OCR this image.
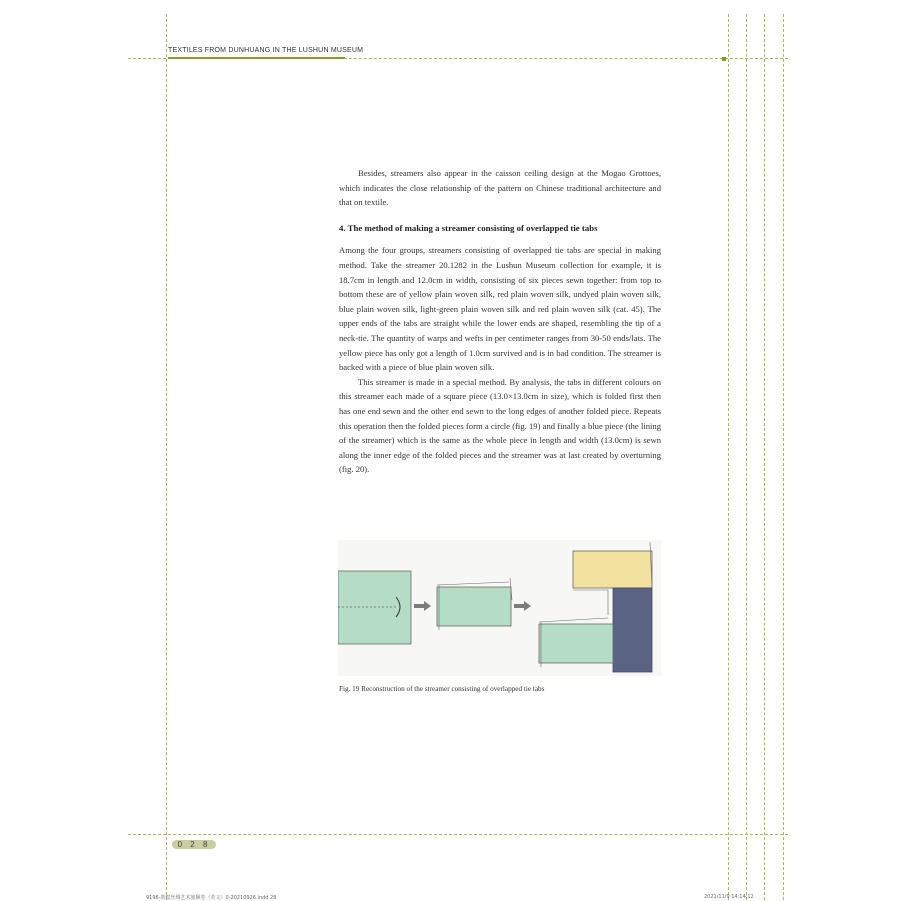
TEXTILES FROM DUNHUANG IN THE LUSHUN MUSEUM

Besides, streamers also appear in the caisson ceiling design at the Mogao Grottoes, which indicates the close relationship of the pattern on Chinese traditional architecture and that on textile.

4. The method of making a streamer consisting of overlapped tie tabs

Among the four groups, streamers consisting of overlapped tie tabs are special in making method. Take the streamer 20.1282 in the Lushun Museum collection for example, it is 18.7cm in length and 12.0cm in width, consisting of six pieces sewn together: from top to bottom these are of yellow plain woven silk, red plain woven silk, undyed plain woven silk, blue plain woven silk, light-green plain woven silk and red plain woven silk (cat. 45). The upper ends of the tabs are straight while the lower ends are shaped, resembling the tip of a neck-tie. The quantity of warps and wefts in per centimeter ranges from 30-50 ends/lats. The yellow piece has only got a length of 1.0cm survived and is in bad condition. The streamer is backed with a piece of blue plain woven silk.

This streamer is made in a special method. By analysis, the tabs in different colours on this streamer each made of a square piece (13.0×13.0cm in size), which is folded first then has one end sewn and the other end sewn to the long edges of another folded piece. Repeats this operation then the folded pieces form a circle (fig. 19) and finally a blue piece (the lining of the streamer) which is the same as the whole piece in length and width (13.0cm) is sewn along the inner edge of the folded pieces and the streamer was at last created by overturning (fig. 20).

Fig. 19 Reconstruction of the streamer consisting of overlapped tie tabs
0 2 8
9196-敦煌丝绸艺术旅顺卷（英文）0-20210926.indd 28	2021/11/9 14:14:12
